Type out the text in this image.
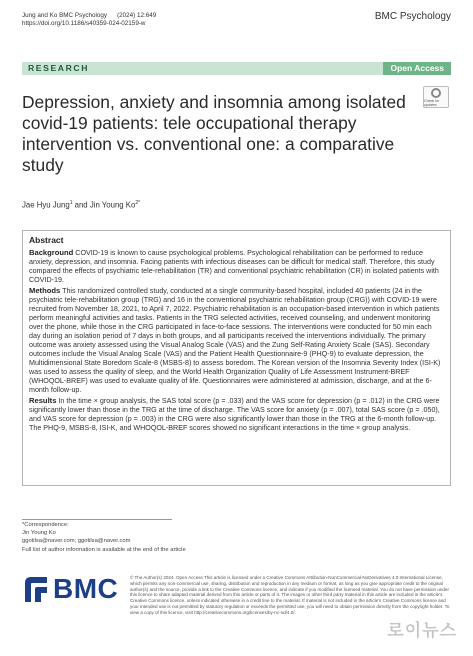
Jung and Ko BMC Psychology (2024) 12:649
https://doi.org/10.1186/s40359-024-02159-w
BMC Psychology
RESEARCH	Open Access
Check for updates
Depression, anxiety and insomnia among isolated covid-19 patients: tele occupational therapy intervention vs. conventional one: a comparative study
Jae Hyu Jung$^1$ and Jin Young $Ko^{2*}$
Abstract

Background COVID-19 is known to cause psychological problems. Psychological rehabilitation can be performed to reduce anxiety, depression, and insomnia. Facing patients with infectious diseases can be difficult for medical staff. Therefore, this study compared the effects of psychiatric tele-rehabilitation (TR) and conventional psychiatric rehabilitation (CR) in isolated patients with COVID-19.

Methods This randomized controlled study, conducted at a single community-based hospital, included 40 patients (24 in the psychiatric tele-rehabilitation group (TRG) and 16 in the conventional psychiatric rehabilitation group (CRG)) with COVID-19 were recruited from November 18, 2021, to April 7, 2022. Psychiatric rehabilitation is an occupation-based intervention in which patients perform meaningful activities and tasks. Patients in the TRG selected activities, received counseling, and underwent monitoring over the phone, while those in the CRG participated in face-to-face sessions. The interventions were conducted for 50 min each day during an isolation period of 7 days in both groups, and all participants received the interventions individually. The primary outcome was anxiety assessed using the Visual Analog Scale (VAS) and the Zung Self-Rating Anxiety Scale (SAS). Secondary outcomes include the Visual Analog Scale (VAS) and the Patient Health Questionnaire-9 (PHQ-9) to evaluate depression, the Multidimensional State Boredom Scale-8 (MSBS-8) to assess boredom. The Korean version of the Insomnia Severity Index (ISI-K) was used to assess the quality of sleep, and the World Health Organization Quality of Life Assessment Instrument-BREF (WHOQOL-BREF) was used to evaluate quality of life. Questionnaires were administered at admission, discharge, and at the 6-month follow-up.

Results In the time × group analysis, the SAS total score (p = .033) and the VAS score for depression (p = .012) in the CRG were significantly lower than those in the TRG at the time of discharge. The VAS score for anxiety (p = .007), total SAS score (p = .050), and VAS score for depression (p = .003) in the CRG were also significantly lower than those in the TRG at the 6-month follow-up. The PHQ-9, MSBS-8, ISI-K, and WHOQOL-BREF scores showed no significant interactions in the time × group analysis.

*Correspondence:
Jin Young Ko
ggotilsa@naver.com; ggotilsa@naver.com
Full list of author information is available at the end of the article
BMC	© The Author(s) 2024. Open Access This article is licensed under a Creative Commons Attribution-NonCommercial-NoDerivatives 4.0 International License, which permits any non-commercial use, sharing, distribution and reproduction in any medium or format, as long as you give appropriate credit to the original author(s) and the source, provide a link to the Creative Commons licence, and indicate if you modified the licensed material. You do not have permission under this licence to share adapted material derived from this article or parts of it. The images or other third party material in this article are included in the article's Creative Commons licence, unless indicated otherwise in a credit line to the material. If material is not included in the article's Creative Commons licence and your intended use is not permitted by statutory regulation or exceeds the permitted use, you will need to obtain permission directly from the copyright holder. To view a copy of this licence, visit http://creativecommons.org/licenses/by-nc-nd/4.0/.
로이뉴스
